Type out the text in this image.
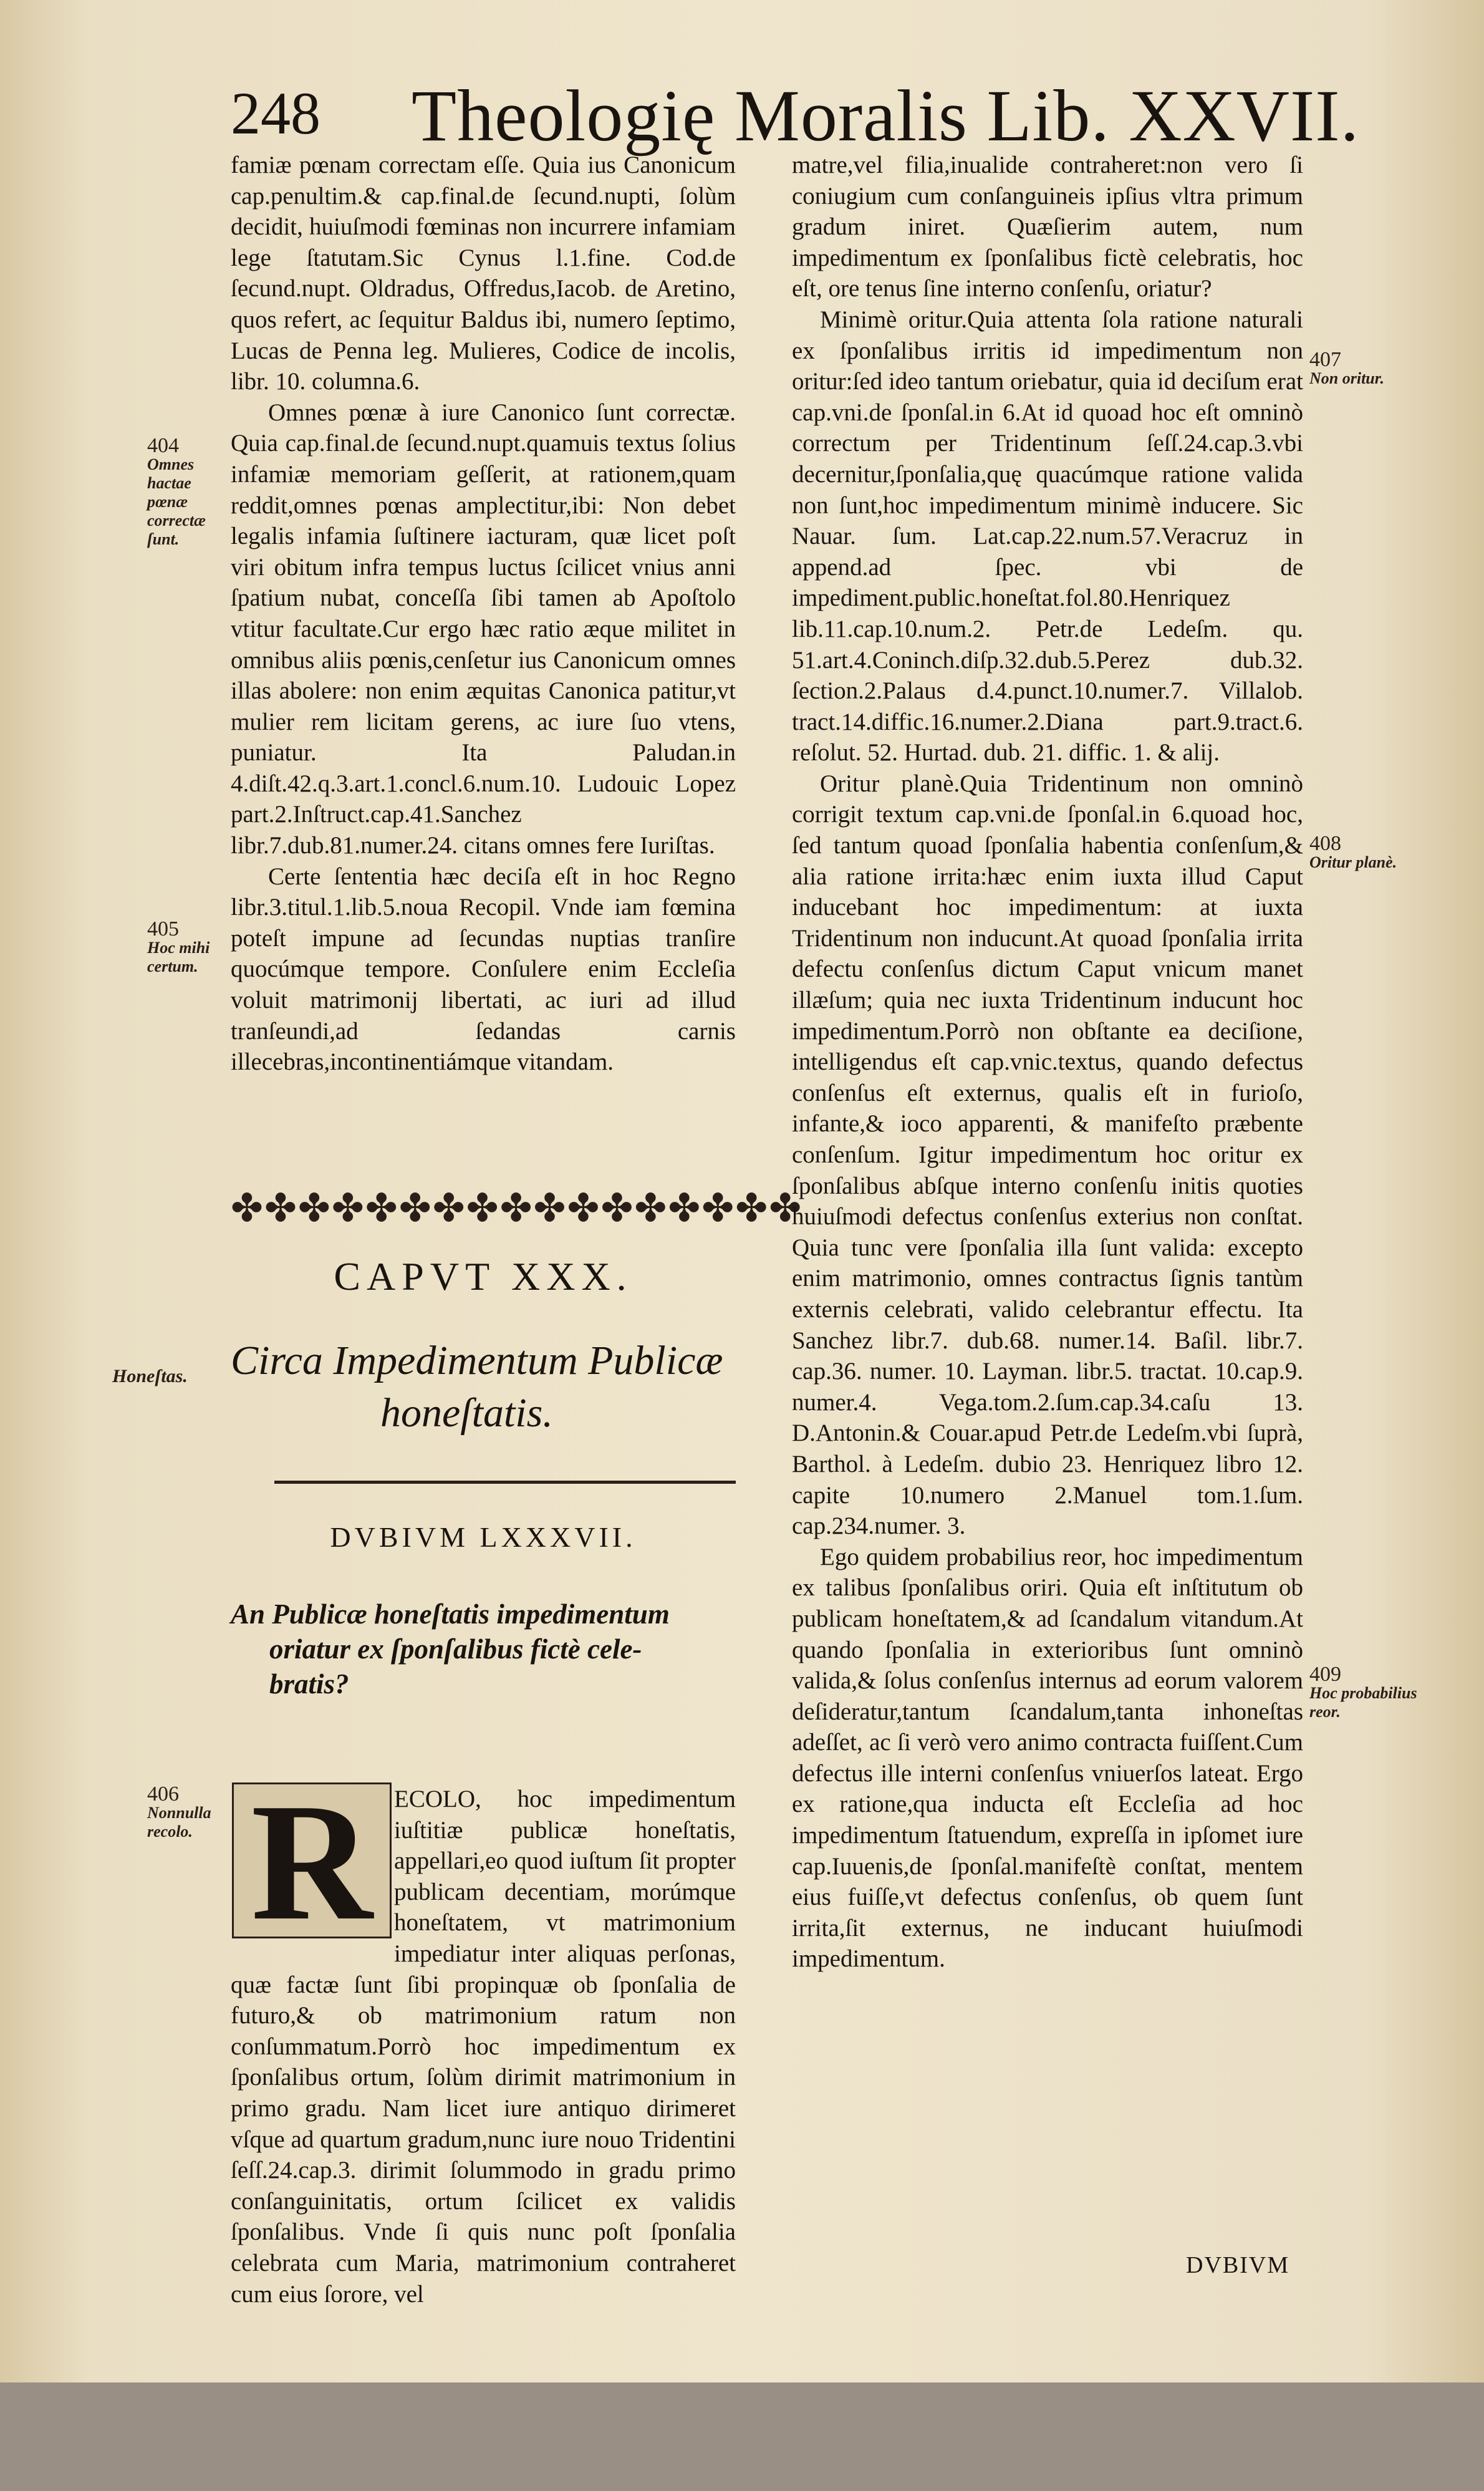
248 Theologię Moralis Lib. XXVII.

famiæ pœnam correctam eſſe. Quia ius Canonicum cap.penultim.& cap.final.de ſecund.nupti, ſolùm decidit, huiuſmodi fœminas non incurrere infamiam lege ſtatutam.Sic Cynus l.1.fine. Cod.de ſecund.nupt. Oldradus, Offredus,Iacob. de Aretino, quos refert, ac ſequitur Baldus ibi, numero ſeptimo, Lucas de Penna leg. Mulieres, Codice de incolis, libr. 10. columna.6.

Omnes pœnæ à iure Canonico ſunt correctæ. Quia cap.final.de ſecund.nupt.quamuis textus ſolius infamiæ memoriam geſſerit, at rationem,quam reddit,omnes pœnas amplectitur,ibi: Non debet legalis infamia ſuſtinere iacturam, quæ licet poſt viri obitum infra tempus luctus ſcilicet vnius anni ſpatium nubat, conceſſa ſibi tamen ab Apoſtolo vtitur facultate.Cur ergo hæc ratio æque militet in omnibus aliis pœnis,cenſetur ius Canonicum omnes illas abolere: non enim æquitas Canonica patitur,vt mulier rem licitam gerens, ac iure ſuo vtens, puniatur. Ita Paludan.in 4.diſt.42.q.3.art.1.concl.6.num.10. Ludouic Lopez part.2.Inſtruct.cap.41.Sanchez libr.7.dub.81.numer.24. citans omnes fere Iuriſtas.

Certe ſententia hæc deciſa eſt in hoc Regno libr.3.titul.1.lib.5.noua Recopil. Vnde iam fœmina poteſt impune ad ſecundas nuptias tranſire quocúmque tempore. Conſulere enim Eccleſia voluit matrimonij libertati, ac iuri ad illud tranſeundi,ad ſedandas carnis illecebras,incontinentiámque vitandam.

404
Omnes hactae pœnæ correctæ ſunt.
405
Hoc mihi certum.
Honeſtas.
406
Nonnulla recolo.
407
Non oritur.
408
Oritur planè.
409
Hoc probabilius reor.
✤✤✤✤✤✤✤✤✤✤✤✤✤✤✤✤✤
CAPVT XXX.
Circa Impedimentum Publicæ
honeſtatis.
DVBIVM LXXXVII.
An Publicæ honeſtatis impedimentum
oriatur ex ſponſalibus fictè cele-
bratis?
R ECOLO, hoc impedimentum iuſtitiæ publicæ honeſtatis, appellari,eo quod iuſtum ſit propter publicam decentiam, morúmque honeſtatem, vt matrimonium impediatur inter aliquas perſonas, quæ factæ ſunt ſibi propinquæ ob ſponſalia de futuro,& ob matrimonium ratum non conſummatum.Porrò hoc impedimentum ex ſponſalibus ortum, ſolùm dirimit matrimonium in primo gradu. Nam licet iure antiquo dirimeret vſque ad quartum gradum,nunc iure nouo Tridentini ſeſſ.24.cap.3. dirimit ſolummodo in gradu primo conſanguinitatis, ortum ſcilicet ex validis ſponſalibus. Vnde ſi quis nunc poſt ſponſalia celebrata cum Maria, matrimonium contraheret cum eius ſorore, vel

matre,vel filia,inualide contraheret:non vero ſi coniugium cum conſanguineis ipſius vltra primum gradum iniret. Quæſierim autem, num impedimentum ex ſponſalibus fictè celebratis, hoc eſt, ore tenus ſine interno conſenſu, oriatur?

Minimè oritur.Quia attenta ſola ratione naturali ex ſponſalibus irritis id impedimentum non oritur:ſed ideo tantum oriebatur, quia id deciſum erat cap.vni.de ſponſal.in 6.At id quoad hoc eſt omninò correctum per Tridentinum ſeſſ.24.cap.3.vbi decernitur,ſponſalia,quę quacúmque ratione valida non ſunt,hoc impedimentum minimè inducere. Sic Nauar. ſum. Lat.cap.22.num.57.Veracruz in append.ad ſpec. vbi de impediment.public.honeſtat.fol.80.Henriquez lib.11.cap.10.num.2. Petr.de Ledeſm. qu. 51.art.4.Coninch.diſp.32.dub.5.Perez dub.32. ſection.2.Palaus d.4.punct.10.numer.7. Villalob. tract.14.diffic.16.numer.2.Diana part.9.tract.6. reſolut. 52. Hurtad. dub. 21. diffic. 1. & alij.

Oritur planè.Quia Tridentinum non omninò corrigit textum cap.vni.de ſponſal.in 6.quoad hoc, ſed tantum quoad ſponſalia habentia conſenſum,& alia ratione irrita:hæc enim iuxta illud Caput inducebant hoc impedimentum: at iuxta Tridentinum non inducunt.At quoad ſponſalia irrita defectu conſenſus dictum Caput vnicum manet illæſum; quia nec iuxta Tridentinum inducunt hoc impedimentum.Porrò non obſtante ea deciſione, intelligendus eſt cap.vnic.textus, quando defectus conſenſus eſt externus, qualis eſt in furioſo, infante,& ioco apparenti, & manifeſto præbente conſenſum. Igitur impedimentum hoc oritur ex ſponſalibus abſque interno conſenſu initis quoties huiuſmodi defectus conſenſus exterius non conſtat. Quia tunc vere ſponſalia illa ſunt valida: excepto enim matrimonio, omnes contractus ſignis tantùm externis celebrati, valido celebrantur effectu. Ita Sanchez libr.7. dub.68. numer.14. Baſil. libr.7. cap.36. numer. 10. Layman. libr.5. tractat. 10.cap.9. numer.4. Vega.tom.2.ſum.cap.34.caſu 13. D.Antonin.& Couar.apud Petr.de Ledeſm.vbi ſuprà, Barthol. à Ledeſm. dubio 23. Henriquez libro 12. capite 10.numero 2.Manuel tom.1.ſum. cap.234.numer. 3.

Ego quidem probabilius reor, hoc impedimentum ex talibus ſponſalibus oriri. Quia eſt inſtitutum ob publicam honeſtatem,& ad ſcandalum vitandum.At quando ſponſalia in exterioribus ſunt omninò valida,& ſolus conſenſus internus ad eorum valorem deſideratur,tantum ſcandalum,tanta inhoneſtas adeſſet, ac ſi verò vero animo contracta fuiſſent.Cum defectus ille interni conſenſus vniuerſos lateat. Ergo ex ratione,qua inducta eſt Eccleſia ad hoc impedimentum ſtatuendum, expreſſa in ipſomet iure cap.Iuuenis,de ſponſal.manifeſtè conſtat, mentem eius fuiſſe,vt defectus conſenſus, ob quem ſunt irrita,ſit externus, ne inducant huiuſmodi impedimentum.

DVBIVM
